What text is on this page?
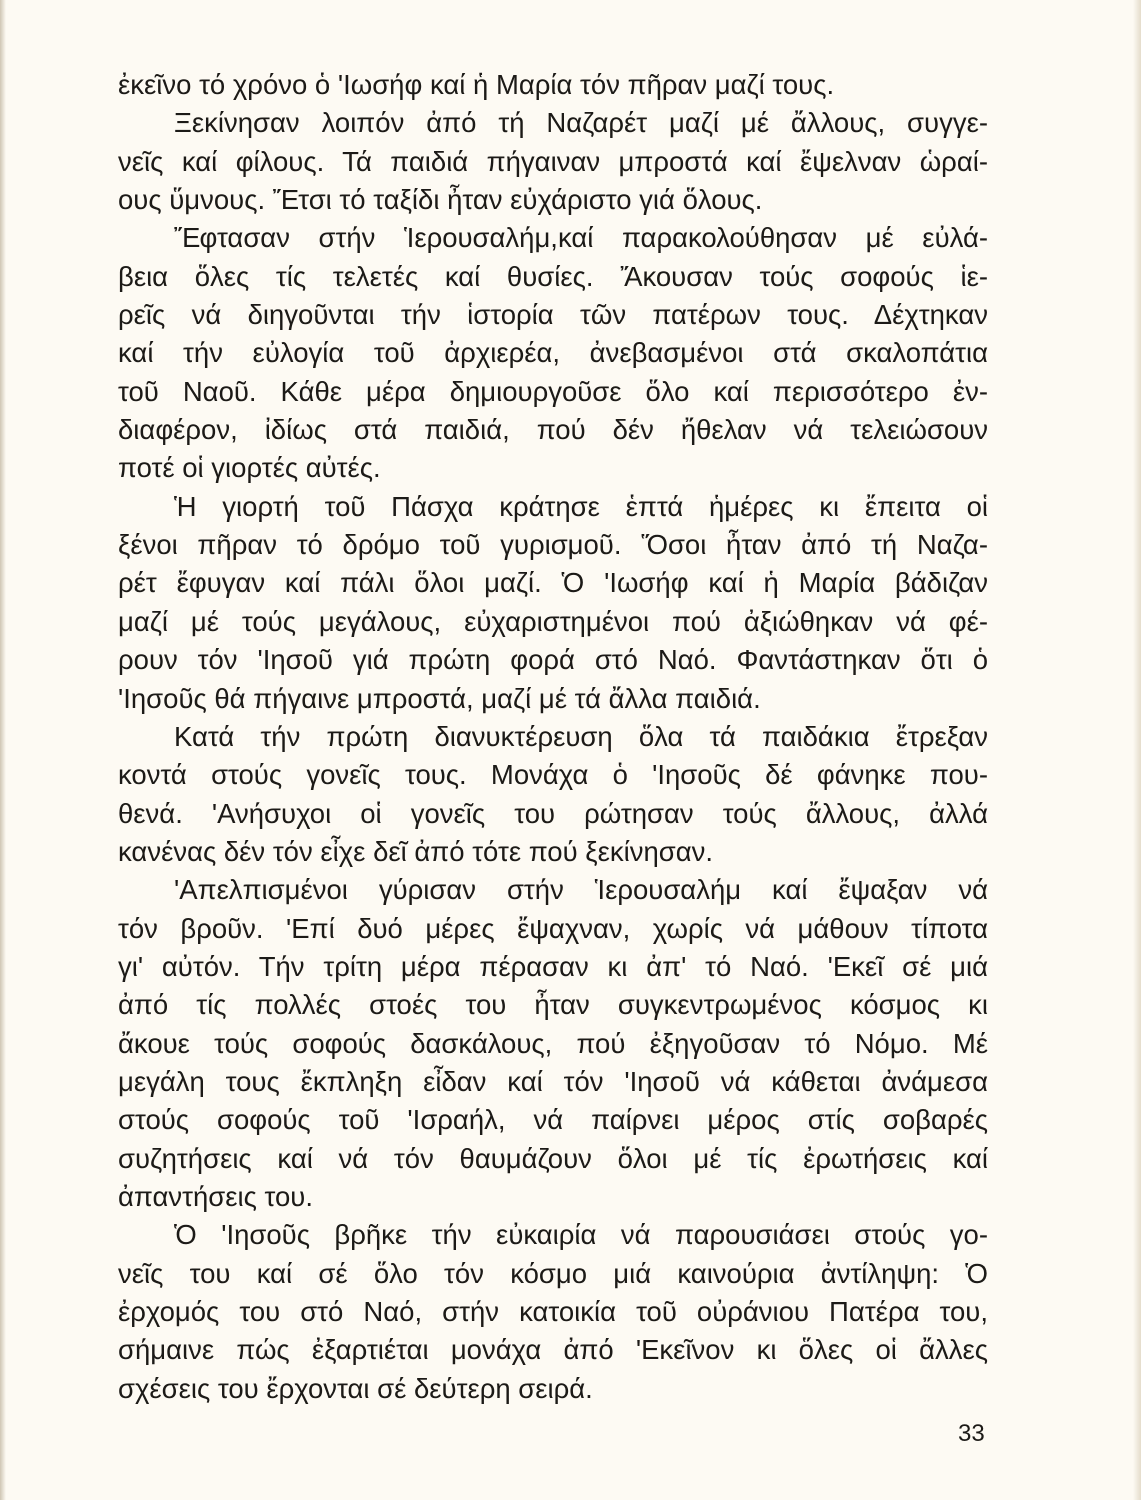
ἐκεῖνο τό χρόνο ὁ 'Ιωσήφ καί ἡ Μαρία τόν πῆραν μαζί τους.
Ξεκίνησαν λοιπόν ἀπό τή Ναζαρέτ μαζί μέ ἄλλους, συγγε-
νεῖς καί φίλους. Τά παιδιά πήγαιναν μπροστά καί ἔψελναν ὡραί-
ους ὕμνους. Ἔτσι τό ταξίδι ἦταν εὐχάριστο γιά ὅλους.
Ἔφτασαν στήν Ἱερουσαλήμ,καί παρακολούθησαν μέ εὐλά-
βεια ὅλες τίς τελετές καί θυσίες. Ἄκουσαν τούς σοφούς ἱε-
ρεῖς νά διηγοῦνται τήν ἱστορία τῶν πατέρων τους. Δέχτηκαν
καί τήν εὐλογία τοῦ ἀρχιερέα, ἀνεβασμένοι στά σκαλοπάτια
τοῦ Ναοῦ. Κάθε μέρα δημιουργοῦσε ὅλο καί περισσότερο ἐν-
διαφέρον, ἰδίως στά παιδιά, πού δέν ἤθελαν νά τελειώσουν
ποτέ οἱ γιορτές αὐτές.
Ἡ γιορτή τοῦ Πάσχα κράτησε ἑπτά ἡμέρες κι ἔπειτα οἱ
ξένοι πῆραν τό δρόμο τοῦ γυρισμοῦ. Ὅσοι ἦταν ἀπό τή Ναζα-
ρέτ ἔφυγαν καί πάλι ὅλοι μαζί. Ὁ 'Ιωσήφ καί ἡ Μαρία βάδιζαν
μαζί μέ τούς μεγάλους, εὐχαριστημένοι πού ἀξιώθηκαν νά φέ-
ρουν τόν 'Ιησοῦ γιά πρώτη φορά στό Ναό. Φαντάστηκαν ὅτι ὁ
'Ιησοῦς θά πήγαινε μπροστά, μαζί μέ τά ἄλλα παιδιά.
Κατά τήν πρώτη διανυκτέρευση ὅλα τά παιδάκια ἔτρεξαν
κοντά στούς γονεῖς τους. Μονάχα ὁ 'Ιησοῦς δέ φάνηκε που-
θενά. 'Ανήσυχοι οἱ γονεῖς του ρώτησαν τούς ἄλλους, ἀλλά
κανένας δέν τόν εἶχε δεῖ ἀπό τότε πού ξεκίνησαν.
'Απελπισμένοι γύρισαν στήν Ἱερουσαλήμ καί ἔψαξαν νά
τόν βροῦν. 'Επί δυό μέρες ἔψαχναν, χωρίς νά μάθουν τίποτα
γι' αὐτόν. Τήν τρίτη μέρα πέρασαν κι ἀπ' τό Ναό. 'Εκεῖ σέ μιά
ἀπό τίς πολλές στοές του ἦταν συγκεντρωμένος κόσμος κι
ἄκουε τούς σοφούς δασκάλους, πού ἐξηγοῦσαν τό Νόμο. Μέ
μεγάλη τους ἔκπληξη εἶδαν καί τόν 'Ιησοῦ νά κάθεται ἀνάμεσα
στούς σοφούς τοῦ 'Ισραήλ, νά παίρνει μέρος στίς σοβαρές
συζητήσεις καί νά τόν θαυμάζουν ὅλοι μέ τίς ἐρωτήσεις καί
ἀπαντήσεις του.
Ὁ 'Ιησοῦς βρῆκε τήν εὐκαιρία νά παρουσιάσει στούς γο-
νεῖς του καί σέ ὅλο τόν κόσμο μιά καινούρια ἀντίληψη: Ὁ
ἐρχομός του στό Ναό, στήν κατοικία τοῦ οὐράνιου Πατέρα του,
σήμαινε πώς ἐξαρτιέται μονάχα ἀπό 'Εκεῖνον κι ὅλες οἱ ἄλλες
σχέσεις του ἔρχονται σέ δεύτερη σειρά.
33
